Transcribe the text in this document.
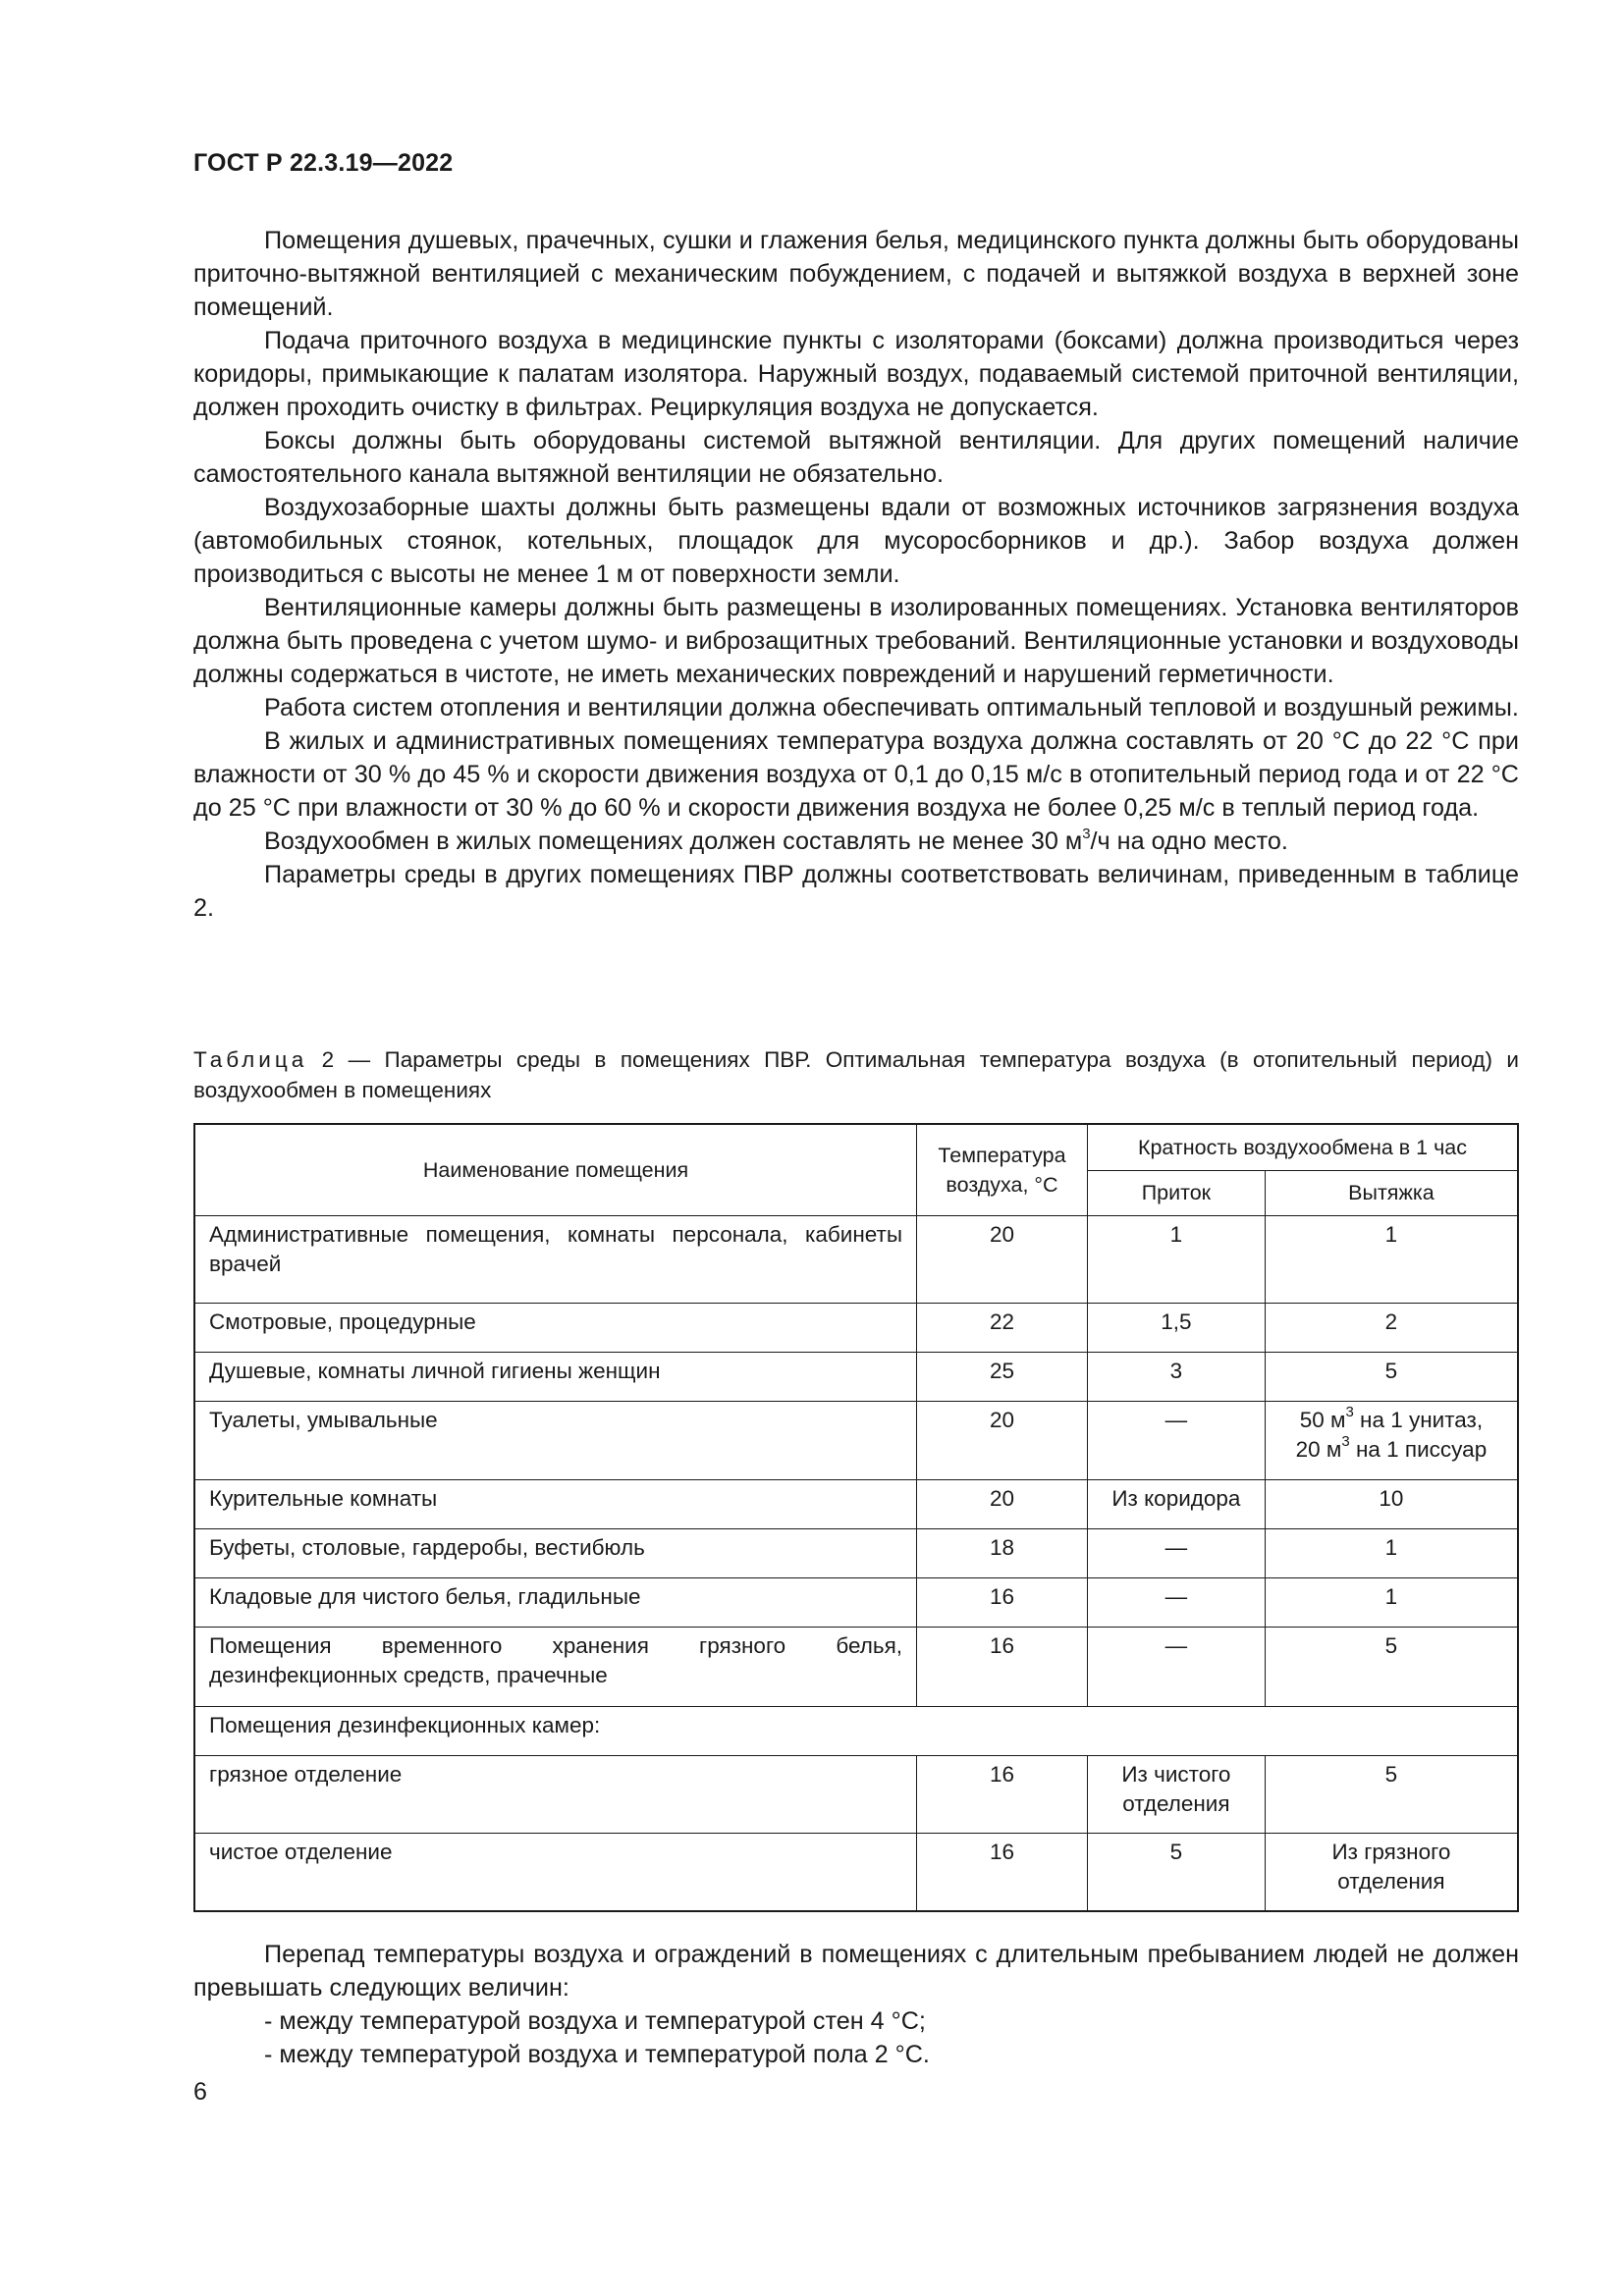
ГОСТ Р 22.3.19—2022

Помещения душевых, прачечных, сушки и глажения белья, медицинского пункта должны быть оборудованы приточно-вытяжной вентиляцией с механическим побуждением, с подачей и вытяжкой воздуха в верхней зоне помещений.

Подача приточного воздуха в медицинские пункты с изоляторами (боксами) должна производиться через коридоры, примыкающие к палатам изолятора. Наружный воздух, подаваемый системой приточной вентиляции, должен проходить очистку в фильтрах. Рециркуляция воздуха не допускается.

Боксы должны быть оборудованы системой вытяжной вентиляции. Для других помещений наличие самостоятельного канала вытяжной вентиляции не обязательно.

Воздухозаборные шахты должны быть размещены вдали от возможных источников загрязнения воздуха (автомобильных стоянок, котельных, площадок для мусоросборников и др.). Забор воздуха должен производиться с высоты не менее 1 м от поверхности земли.

Вентиляционные камеры должны быть размещены в изолированных помещениях. Установка вентиляторов должна быть проведена с учетом шумо- и виброзащитных требований. Вентиляционные установки и воздуховоды должны содержаться в чистоте, не иметь механических повреждений и нарушений герметичности.

Работа систем отопления и вентиляции должна обеспечивать оптимальный тепловой и воздушный режимы.

В жилых и административных помещениях температура воздуха должна составлять от 20 °С до 22 °С при влажности от 30 % до 45 % и скорости движения воздуха от 0,1 до 0,15 м/с в отопительный период года и от 22 °С до 25 °С при влажности от 30 % до 60 % и скорости движения воздуха не более 0,25 м/с в теплый период года.

Воздухообмен в жилых помещениях должен составлять не менее 30 $м^3/ч$ на одно место.

Параметры среды в других помещениях ПВР должны соответствовать величинам, приведенным в таблице 2.

Таблица 2 — Параметры среды в помещениях ПВР. Оптимальная температура воздуха (в отопительный период) и воздухообмен в помещениях
Наименование помещения	Температура воздуха, °С	Кратность воздухообмена в 1 час	
		Приток	Вытяжка
Административные помещения, комнаты персонала, кабинеты врачей	20	1	1
Смотровые, процедурные	22	1,5	2
Душевые, комнаты личной гигиены женщин	25	3	5
Туалеты, умывальные	20	—	50 $м^3$ на 1 унитаз,
20 $м^3$ на 1 писсуар

Курительные комнаты	20	Из коридора	10
Буфеты, столовые, гардеробы, вестибюль	18	—	1
Кладовые для чистого белья, гладильные	16	—	1
Помещения временного хранения грязного белья, дезинфекционных средств, прачечные	16	—	5
Помещения дезинфекционных камер:			
грязное отделение	16	Из чистого отделения	5
чистое отделение	16	5	Из грязного отделения

Перепад температуры воздуха и ограждений в помещениях с длительным пребыванием людей не должен превышать следующих величин:

- между температурой воздуха и температурой стен 4 °С;

- между температурой воздуха и температурой пола 2 °С.

6
